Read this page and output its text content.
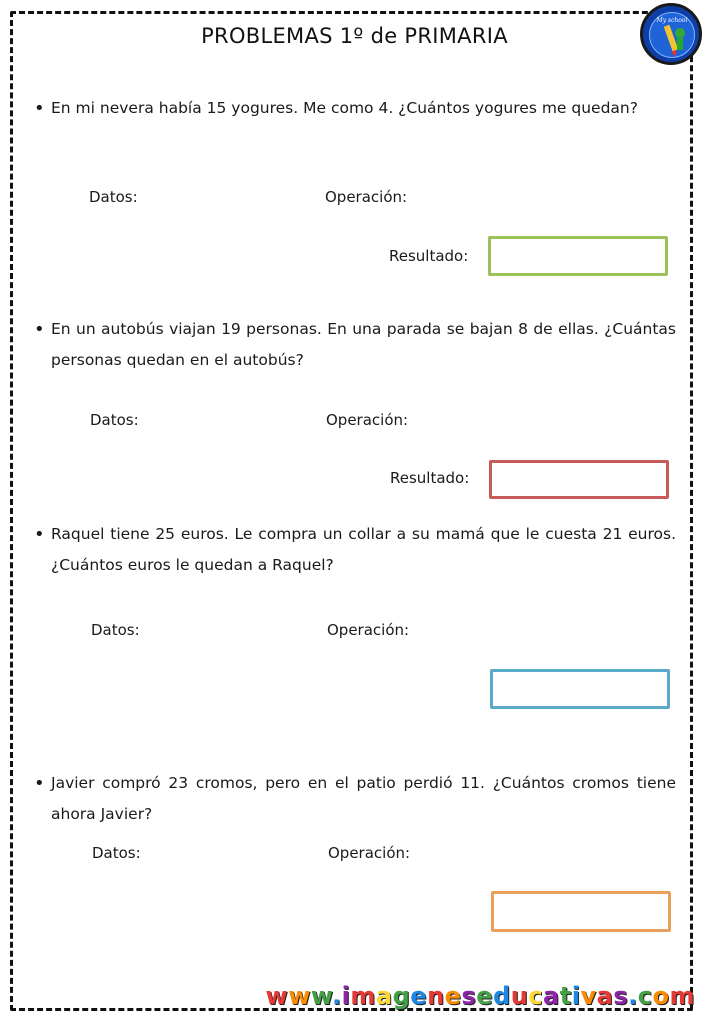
PROBLEMAS 1º de PRIMARIA
My school
• En mi nevera había 15 yogures. Me como 4. ¿Cuántos yogures me quedan?
Datos:	Operación:
Resultado:
• En un autobús viajan 19 personas. En una parada se bajan 8 de ellas. ¿Cuántas personas quedan en el autobús?
Datos:	Operación:
Resultado:
• Raquel tiene 25 euros. Le compra un collar a su mamá que le cuesta 21 euros. ¿Cuántos euros le quedan a Raquel?
Datos:	Operación:
• Javier compró 23 cromos, pero en el patio perdió 11. ¿Cuántos cromos tiene ahora Javier?
Datos:	Operación:
www.imageneseducativas.com
